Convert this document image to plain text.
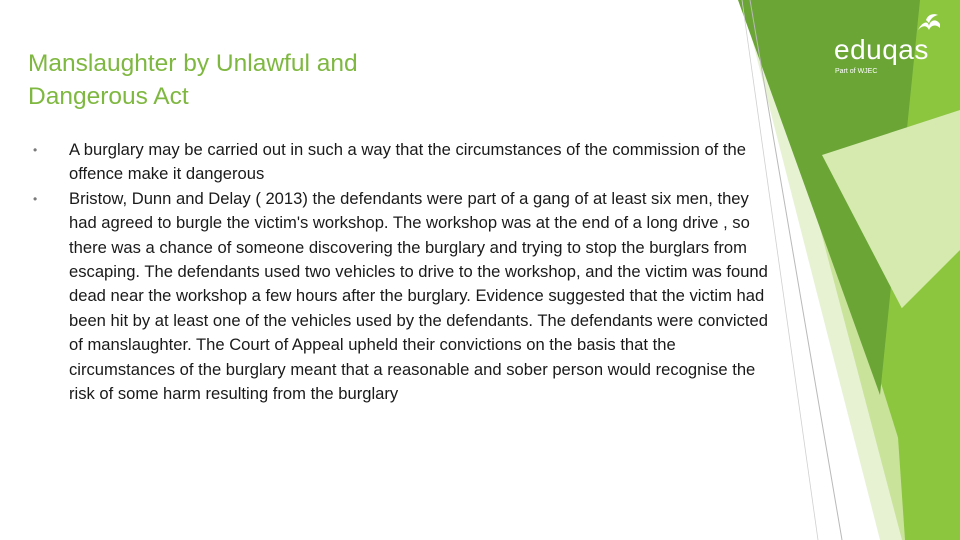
Manslaughter by Unlawful and
Dangerous Act
• A burglary may be carried out in such a way that the circumstances of the commission of the offence make it dangerous
• Bristow, Dunn and Delay ( 2013) the defendants were part of a gang of at least six men, they had agreed to burgle the victim's workshop. The workshop was at the end of a long drive , so there was a chance of someone discovering the burglary and trying to stop the burglars from escaping. The defendants used two vehicles to drive to the workshop, and the victim was found dead near the workshop a few hours after the burglary. Evidence suggested that the victim had been hit by at least one of the vehicles used by the defendants. The defendants were convicted of manslaughter. The Court of Appeal upheld their convictions on the basis that the circumstances of the burglary meant that a reasonable and sober person would recognise the risk of some harm resulting from the burglary
eduqas
Part of WJEC
